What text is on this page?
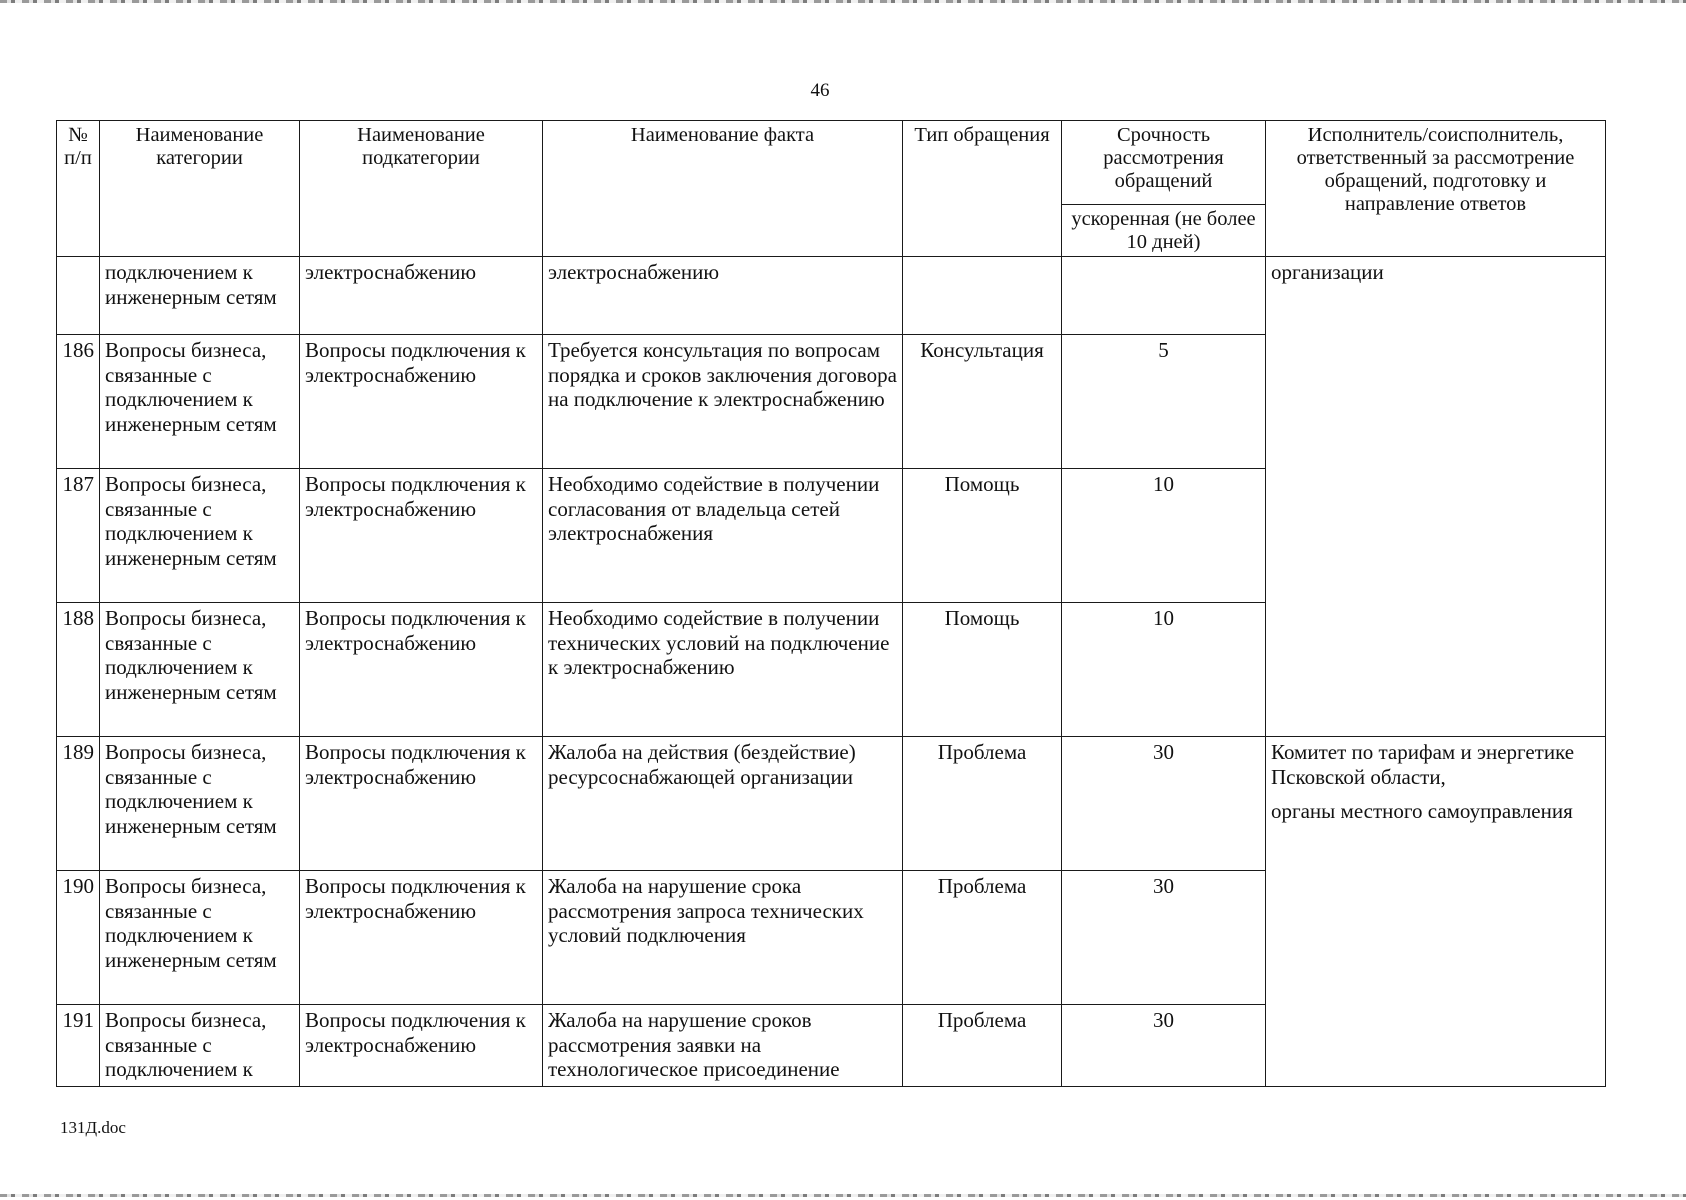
46
№ п/п	Наименование категории	Наименование подкатегории	Наименование факта	Тип обращения	Срочность рассмотрения обращений	Исполнитель/соисполнитель, ответственный за рассмотрение обращений, подготовку и направление ответов
					ускоренная (не более 10 дней)	
	подключением к инженерным сетям	электроснабжению	электроснабжению			организации

186	Вопросы бизнеса, связанные с подключением к инженерным сетям	Вопросы подключения к электроснабжению	Требуется консультация по вопросам порядка и сроков заключения договора на подключение к электроснабжению	Консультация	5	
187	Вопросы бизнеса, связанные с подключением к инженерным сетям	Вопросы подключения к электроснабжению	Необходимо содействие в получении согласования от владельца сетей электроснабжения	Помощь	10	
188	Вопросы бизнеса, связанные с подключением к инженерным сетям	Вопросы подключения к электроснабжению	Необходимо содействие в получении технических условий на подключение к электроснабжению	Помощь	10	
189	Вопросы бизнеса, связанные с подключением к инженерным сетям	Вопросы подключения к электроснабжению	Жалоба на действия (бездействие) ресурсоснабжающей организации	Проблема	30	Комитет по тарифам и энергетике Псковской области,

органы местного самоуправления

190	Вопросы бизнеса, связанные с подключением к инженерным сетям	Вопросы подключения к электроснабжению	Жалоба на нарушение срока рассмотрения запроса технических условий подключения	Проблема	30	
191	Вопросы бизнеса, связанные с подключением к	Вопросы подключения к электроснабжению	Жалоба на нарушение сроков рассмотрения заявки на технологическое присоединение	Проблема	30	
131Д.doc
